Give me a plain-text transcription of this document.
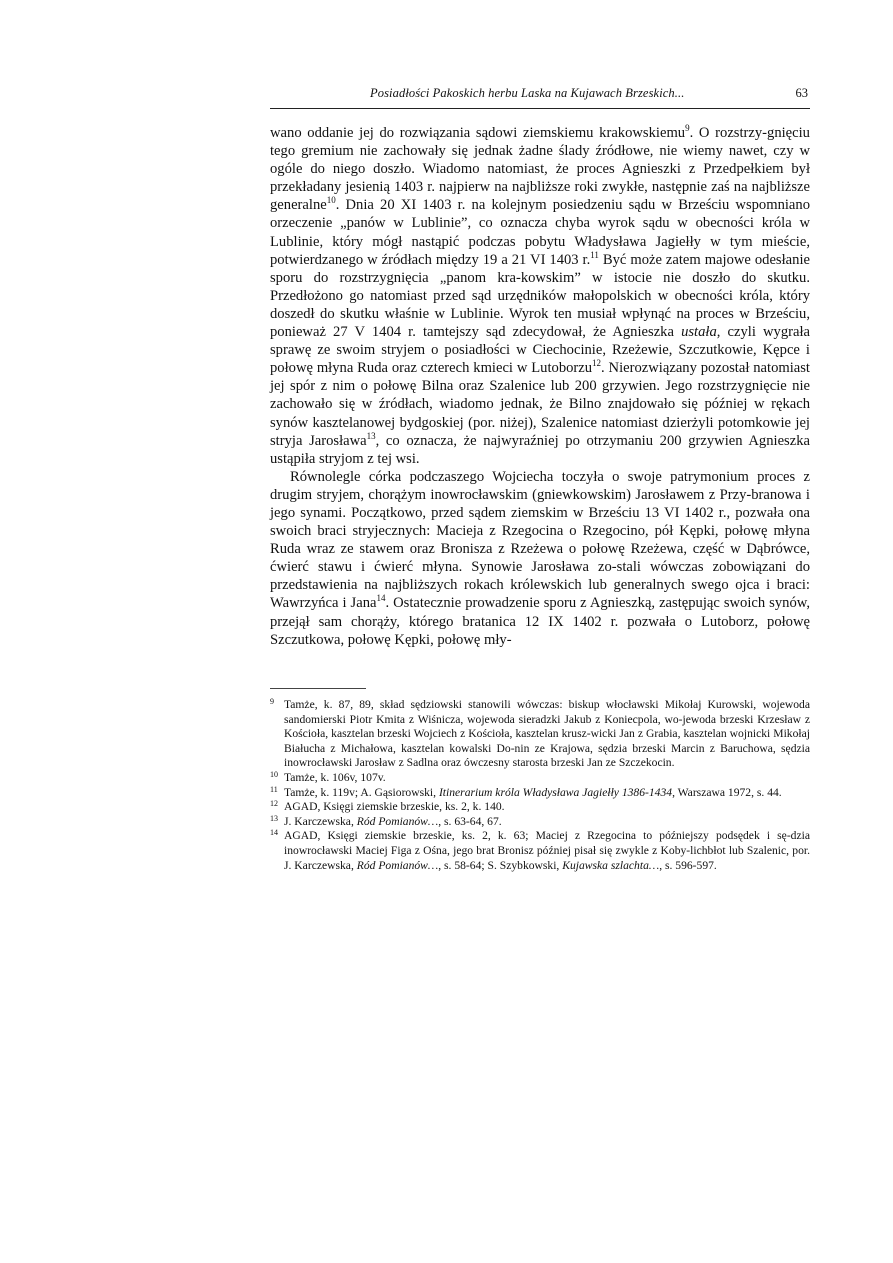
Posiadłości Pakoskich herbu Laska na Kujawach Brzeskich...	63

wano oddanie jej do rozwiązania sądowi ziemskiemu krakowskiemu$^9$. O rozstrzy-gnięciu tego gremium nie zachowały się jednak żadne ślady źródłowe, nie wiemy nawet, czy w ogóle do niego doszło. Wiadomo natomiast, że proces Agnieszki z Przedpełkiem był przekładany jesienią 1403 r. najpierw na najbliższe roki zwykłe, następnie zaś na najbliższe generalne$^{10}$. Dnia 20 XI 1403 r. na kolejnym posiedzeniu sądu w Brześciu wspomniano orzeczenie „panów w Lublinie”, co oznacza chyba wyrok sądu w obecności króla w Lublinie, który mógł nastąpić podczas pobytu Władysława Jagiełły w tym mieście, potwierdzanego w źródłach między 19 a 21 VI 1403 r.$^{11}$ Być może zatem majowe odesłanie sporu do rozstrzygnięcia „panom kra-kowskim” w istocie nie doszło do skutku. Przedłożono go natomiast przed sąd urzędników małopolskich w obecności króla, który doszedł do skutku właśnie w Lublinie. Wyrok ten musiał wpłynąć na proces w Brześciu, ponieważ 27 V 1404 r. tamtejszy sąd zdecydował, że Agnieszka ustała, czyli wygrała sprawę ze swoim stryjem o posiadłości w Ciechocinie, Rzeżewie, Szczutkowie, Kępce i połowę młyna Ruda oraz czterech kmieci w Lutoborzu$^{12}$. Nierozwiązany pozostał natomiast jej spór z nim o połowę Bilna oraz Szalenice lub 200 grzywien. Jego rozstrzygnięcie nie zachowało się w źródłach, wiadomo jednak, że Bilno znajdowało się później w rękach synów kasztelanowej bydgoskiej (por. niżej), Szalenice natomiast dzierżyli potomkowie jej stryja Jarosława$^{13}$, co oznacza, że najwyraźniej po otrzymaniu 200 grzywien Agnieszka ustąpiła stryjom z tej wsi.

Równolegle córka podczaszego Wojciecha toczyła o swoje patrymonium proces z drugim stryjem, chorążym inowrocławskim (gniewkowskim) Jarosławem z Przy-branowa i jego synami. Początkowo, przed sądem ziemskim w Brześciu 13 VI 1402 r., pozwała ona swoich braci stryjecznych: Macieja z Rzegocina o Rzegocino, pół Kępki, połowę młyna Ruda wraz ze stawem oraz Bronisza z Rzeżewa o połowę Rzeżewa, część w Dąbrówce, ćwierć stawu i ćwierć młyna. Synowie Jarosława zo-stali wówczas zobowiązani do przedstawienia na najbliższych rokach królewskich lub generalnych swego ojca i braci: Wawrzyńca i Jana$^{14}$. Ostatecznie prowadzenie sporu z Agnieszką, zastępując swoich synów, przejął sam chorąży, którego bratanica 12 IX 1402 r. pozwała o Lutoborz, połowę Szczutkowa, połowę Kępki, połowę mły-

9 Tamże, k. 87, 89, skład sędziowski stanowili wówczas: biskup włocławski Mikołaj Kurowski, wojewoda sandomierski Piotr Kmita z Wiśnicza, wojewoda sieradzki Jakub z Koniecpola, wo-jewoda brzeski Krzesław z Kościoła, kasztelan brzeski Wojciech z Kościoła, kasztelan krusz-wicki Jan z Grabia, kasztelan wojnicki Mikołaj Białucha z Michałowa, kasztelan kowalski Do-nin ze Krajowa, sędzia brzeski Marcin z Baruchowa, sędzia inowrocławski Jarosław z Sadlna oraz ówczesny starosta brzeski Jan ze Szczekocin.

10 Tamże, k. 106v, 107v.

11 Tamże, k. 119v; A. Gąsiorowski, Itinerarium króla Władysława Jagiełły 1386-1434, Warszawa 1972, s. 44.

12 AGAD, Księgi ziemskie brzeskie, ks. 2, k. 140.

13 J. Karczewska, Ród Pomianów…, s. 63-64, 67.

14 AGAD, Księgi ziemskie brzeskie, ks. 2, k. 63; Maciej z Rzegocina to późniejszy podsędek i sę-dzia inowrocławski Maciej Figa z Ośna, jego brat Bronisz później pisał się zwykle z Koby-lichbłot lub Szalenic, por. J. Karczewska, Ród Pomianów…, s. 58-64; S. Szybkowski, Kujawska szlachta…, s. 596-597.
